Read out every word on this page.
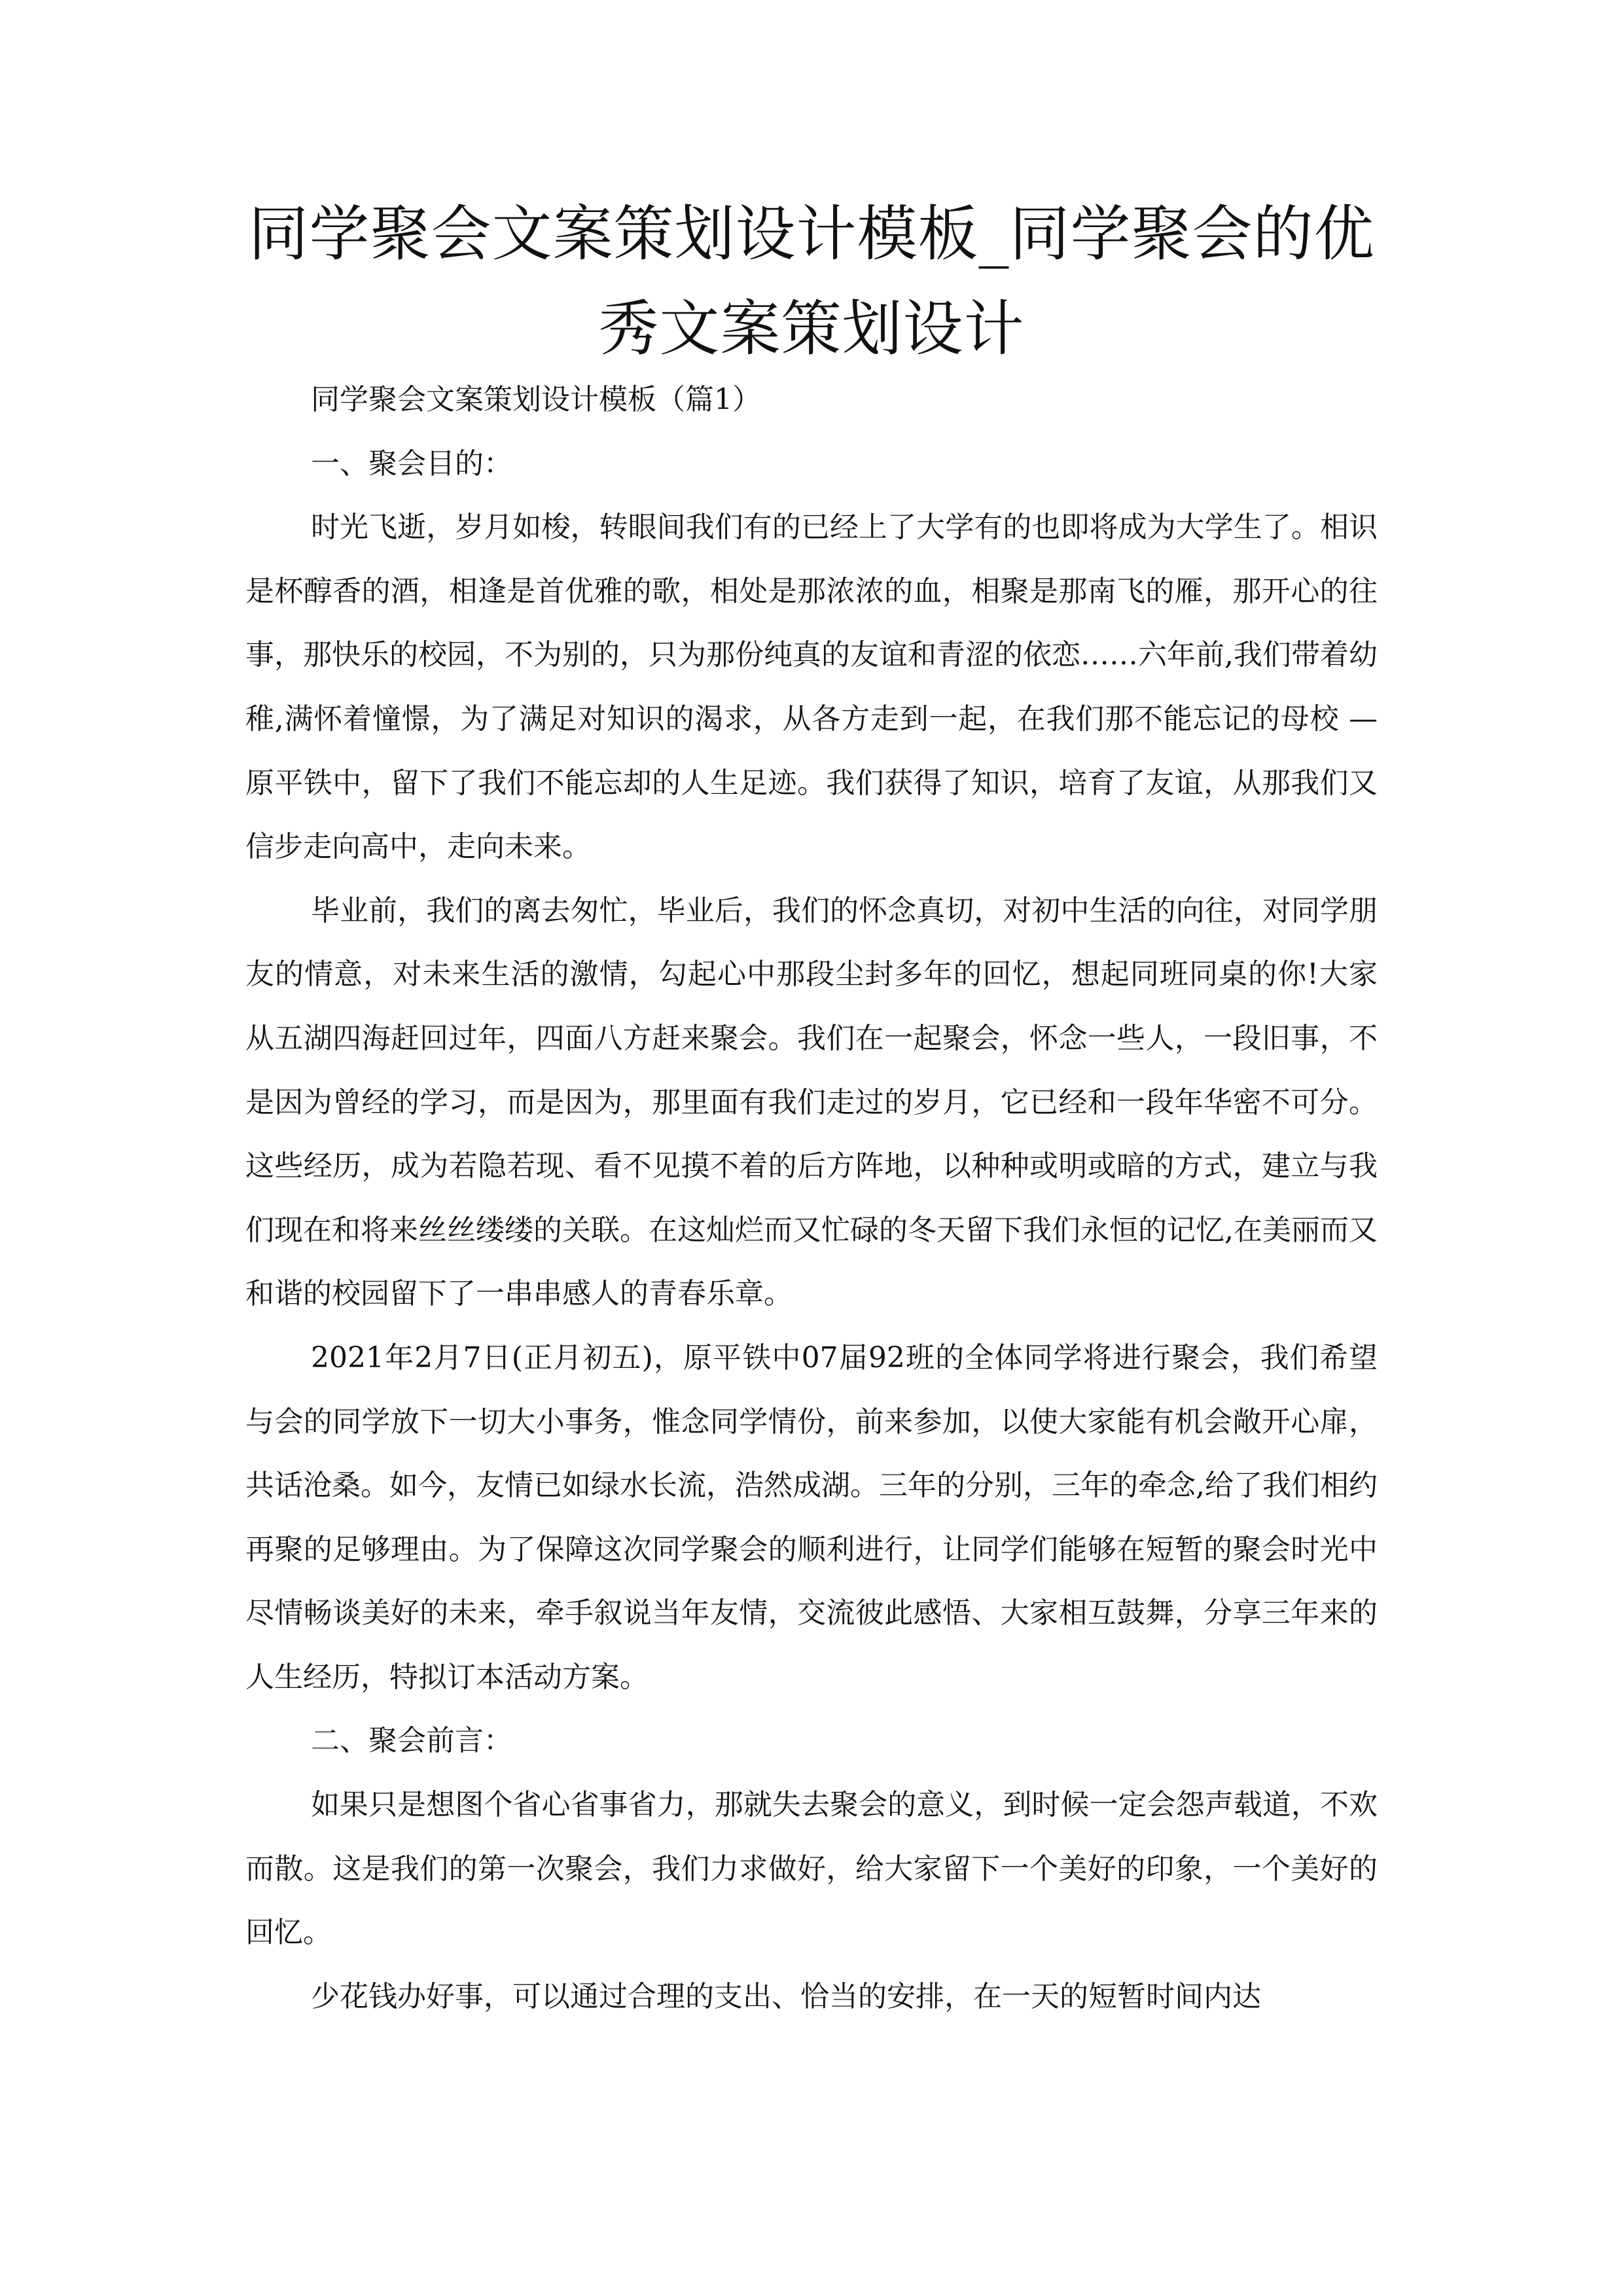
同学聚会文案策划设计模板_同学聚会的优秀文案策划设计

同学聚会文案策划设计模板（篇1）

一、聚会目的：

时光飞逝，岁月如梭，转眼间我们有的已经上了大学有的也即将成为大学生了。相识是杯醇香的酒，相逢是首优雅的歌，相处是那浓浓的血，相聚是那南飞的雁，那开心的往事，那快乐的校园，不为别的，只为那份纯真的友谊和青涩的依恋……六年前,我们带着幼稚,满怀着憧憬，为了满足对知识的渴求，从各方走到一起，在我们那不能忘记的母校 — 原平铁中，留下了我们不能忘却的人生足迹。我们获得了知识，培育了友谊，从那我们又信步走向高中，走向未来。

毕业前，我们的离去匆忙，毕业后，我们的怀念真切，对初中生活的向往，对同学朋友的情意，对未来生活的激情，勾起心中那段尘封多年的回忆，想起同班同桌的你!大家从五湖四海赶回过年，四面八方赶来聚会。我们在一起聚会，怀念一些人，一段旧事，不是因为曾经的学习，而是因为，那里面有我们走过的岁月，它已经和一段年华密不可分。这些经历，成为若隐若现、看不见摸不着的后方阵地，以种种或明或暗的方式，建立与我们现在和将来丝丝缕缕的关联。在这灿烂而又忙碌的冬天留下我们永恒的记忆,在美丽而又和谐的校园留下了一串串感人的青春乐章。

2021年2月7日(正月初五)，原平铁中07届92班的全体同学将进行聚会，我们希望与会的同学放下一切大小事务，惟念同学情份，前来参加，以使大家能有机会敞开心扉，共话沧桑。如今，友情已如绿水长流，浩然成湖。三年的分别，三年的牵念,给了我们相约再聚的足够理由。为了保障这次同学聚会的顺利进行，让同学们能够在短暂的聚会时光中尽情畅谈美好的未来，牵手叙说当年友情，交流彼此感悟、大家相互鼓舞，分享三年来的人生经历，特拟订本活动方案。

二、聚会前言：

如果只是想图个省心省事省力，那就失去聚会的意义，到时候一定会怨声载道，不欢而散。这是我们的第一次聚会，我们力求做好，给大家留下一个美好的印象，一个美好的回忆。

少花钱办好事，可以通过合理的支出、恰当的安排，在一天的短暂时间内达
